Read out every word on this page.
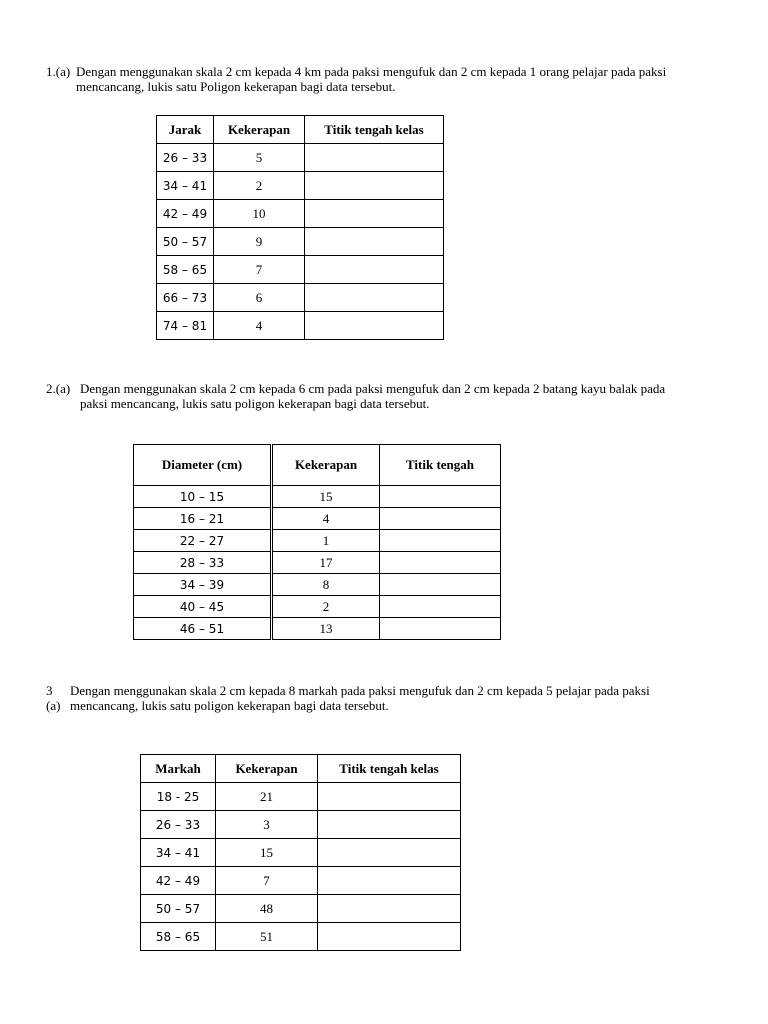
1.(a) Dengan menggunakan skala 2 cm kepada 4 km pada paksi mengufuk dan 2 cm kepada 1 orang pelajar pada paksi
mencancang, lukis satu Poligon kekerapan bagi data tersebut.
Jarak	Kekerapan	Titik tengah kelas
26 – 33	5	
34 – 41	2	
42 – 49	10	
50 – 57	9	
58 – 65	7	
66 – 73	6	
74 – 81	4	
2.(a) Dengan menggunakan skala 2 cm kepada 6 cm pada paksi mengufuk dan 2 cm kepada 2 batang kayu balak pada
paksi mencancang, lukis satu poligon kekerapan bagi data tersebut.
Diameter (cm)	Kekerapan	Titik tengah
10 – 15	15	
16 – 21	4	
22 – 27	1	
28 – 33	17	
34 – 39	8	
40 – 45	2	
46 – 51	13	
3
(a)
Dengan menggunakan skala 2 cm kepada 8 markah pada paksi mengufuk dan 2 cm kepada 5 pelajar pada paksi
mencancang, lukis satu poligon kekerapan bagi data tersebut.
Markah	Kekerapan	Titik tengah kelas
18 - 25	21	
26 – 33	3	
34 – 41	15	
42 – 49	7	
50 – 57	48	
58 – 65	51	
